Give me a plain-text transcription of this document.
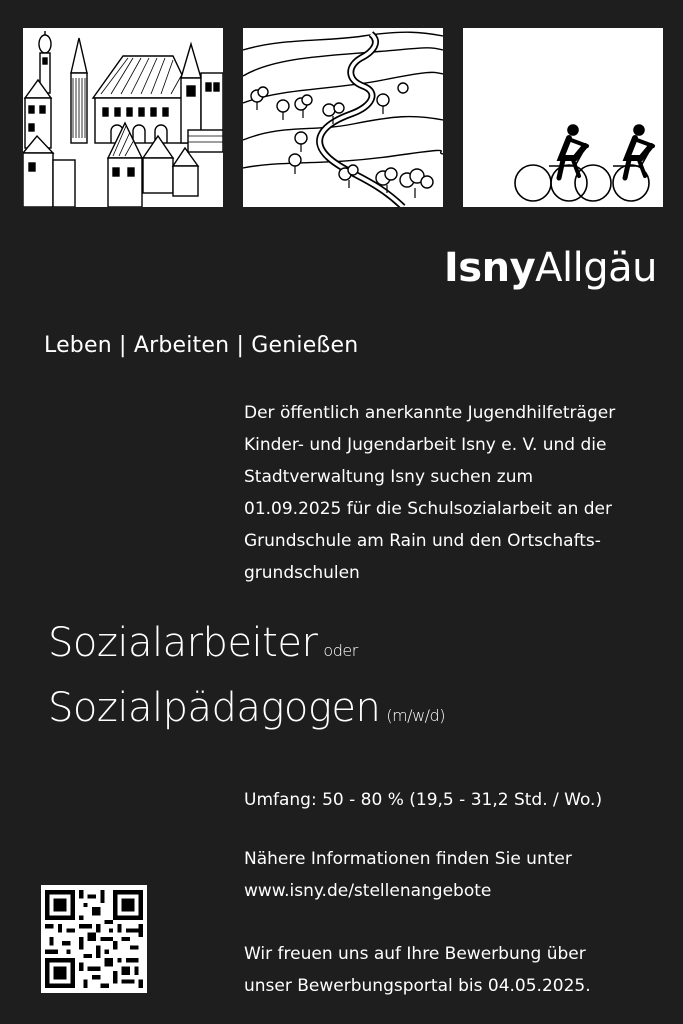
IsnyAllgäu
Leben | Arbeiten | Genießen
Der öffentlich anerkannte Jugendhilfeträger
Kinder- und Jugendarbeit Isny e. V. und die
Stadtverwaltung Isny suchen zum
01.09.2025 für die Schulsozialarbeit an der
Grundschule am Rain und den Ortschafts-
grundschulen
Sozialarbeiter oder
Sozialpädagogen (m/w/d)
Umfang: 50 - 80 % (19,5 - 31,2 Std. / Wo.)
Nähere Informationen finden Sie unter
www.isny.de/stellenangebote
Wir freuen uns auf Ihre Bewerbung über
unser Bewerbungsportal bis 04.05.2025.
